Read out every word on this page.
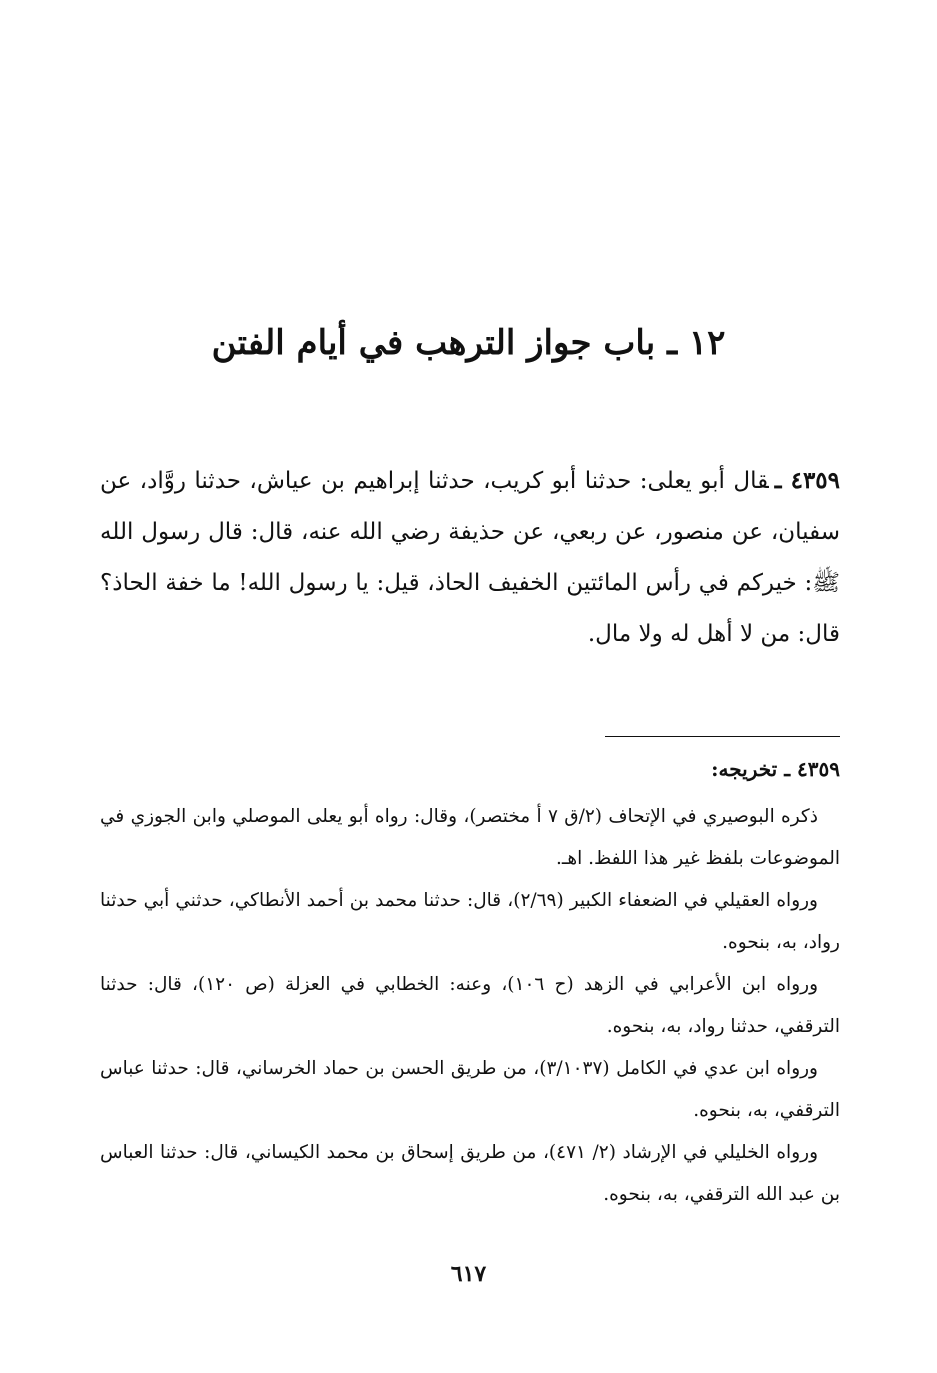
١٢ ـ باب جواز الترهب في أيام الفتن

٤٣٥٩ ـقال أبو يعلى: حدثنا أبو كريب، حدثنا إبراهيم بن عياش، حدثنا روَّاد، عن سفيان، عن منصور، عن ربعي، عن حذيفة رضي الله عنه، قال: قال رسول الله ﷺ: خيركم في رأس المائتين الخفيف الحاذ، قيل: يا رسول الله! ما خفة الحاذ؟ قال: من لا أهل له ولا مال.

٤٣٥٩ ـ تخريجه:

ذكره البوصيري في الإتحاف (٢/ق ٧ أ مختصر)، وقال: رواه أبو يعلى الموصلي وابن الجوزي في الموضوعات بلفظ غير هذا اللفظ. اهـ.

ورواه العقيلي في الضعفاء الكبير (٢/٦٩)، قال: حدثنا محمد بن أحمد الأنطاكي، حدثني أبي حدثنا رواد، به، بنحوه.

ورواه ابن الأعرابي في الزهد (ح ١٠٦)، وعنه: الخطابي في العزلة (ص ١٢٠)، قال: حدثنا الترقفي، حدثنا رواد، به، بنحوه.

ورواه ابن عدي في الكامل (٣/١٠٣٧)، من طريق الحسن بن حماد الخرساني، قال: حدثنا عباس الترقفي، به، بنحوه.

ورواه الخليلي في الإرشاد (٢/ ٤٧١)، من طريق إسحاق بن محمد الكيساني، قال: حدثنا العباس بن عبد الله الترقفي، به، بنحوه.

٦١٧
